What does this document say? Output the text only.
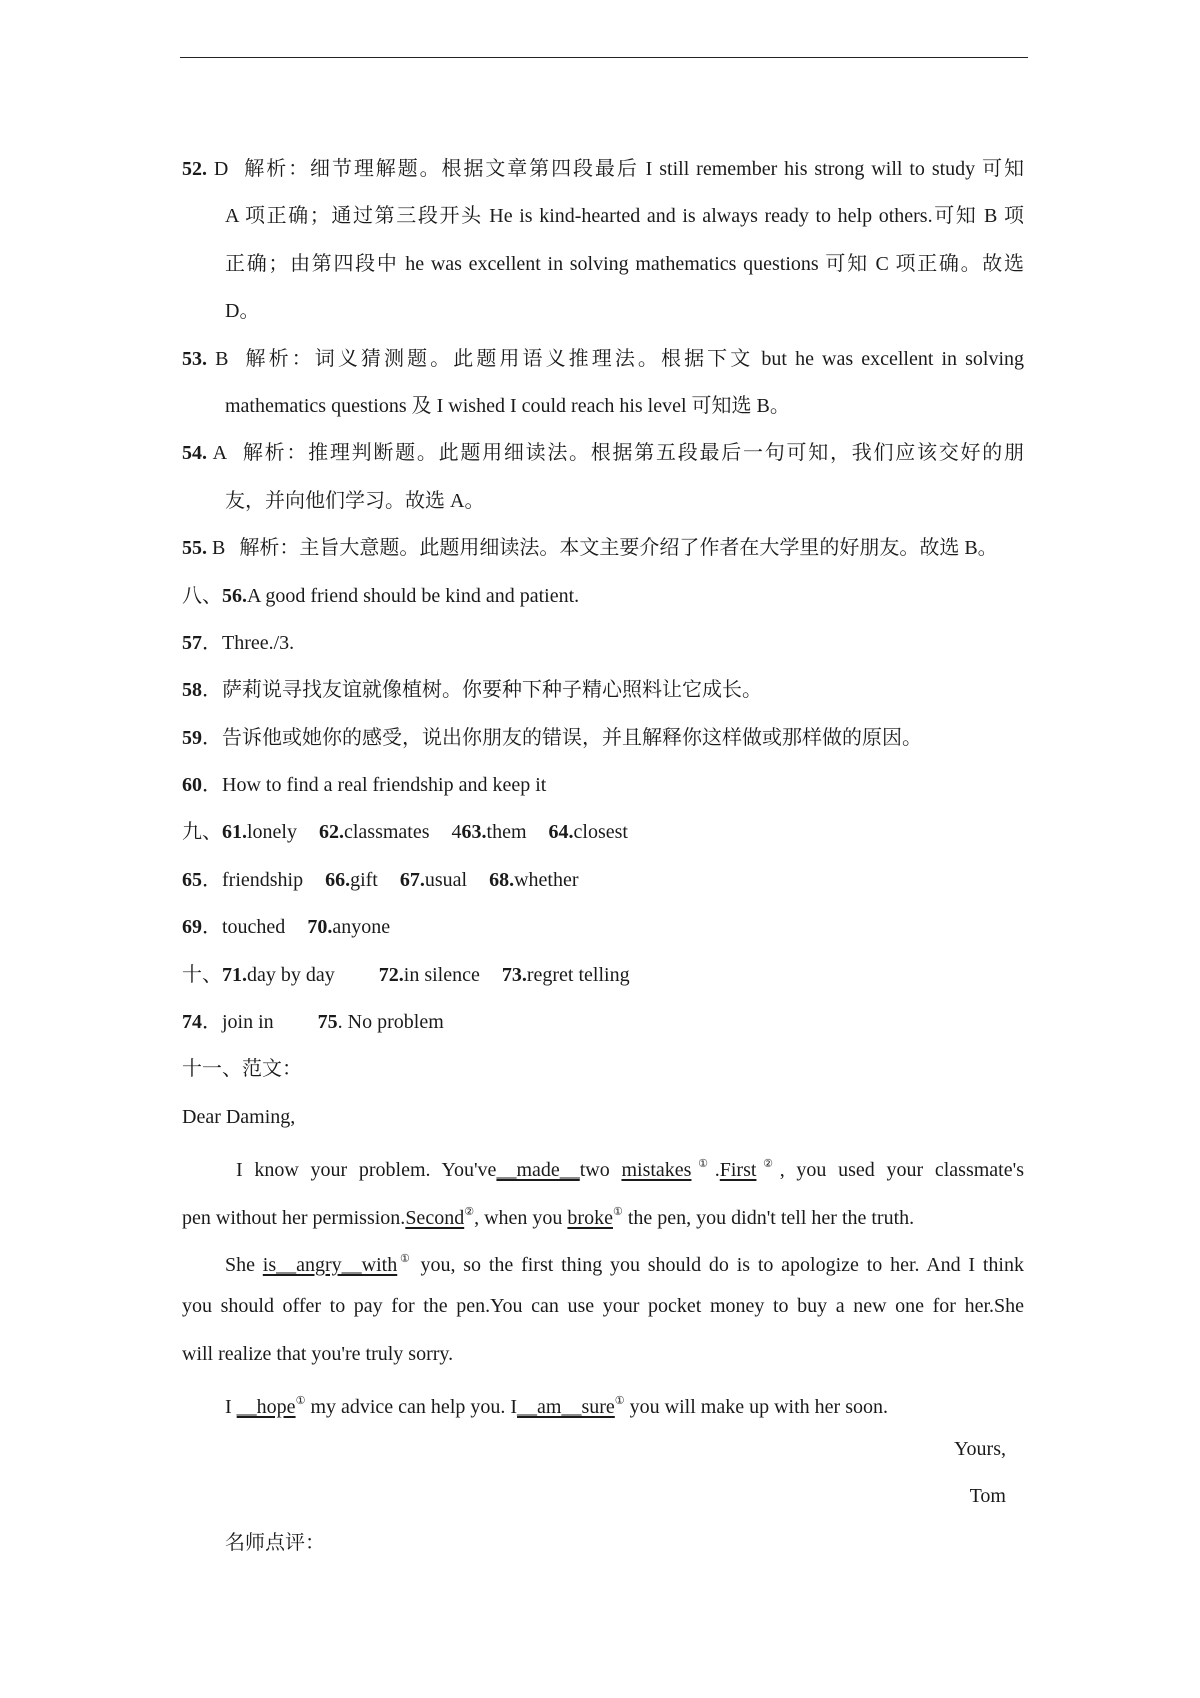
52. D 解析：细节理解题。根据文章第四段最后 I still remember his strong will to study 可知
A 项正确；通过第三段开头 He is kind-hearted and is always ready to help others.可知 B 项
正确；由第四段中 he was excellent in solving mathematics questions 可知 C 项正确。故选
D。
53. B 解析：词义猜测题。此题用语义推理法。根据下文 but he was excellent in solving
mathematics questions 及 I wished I could reach his level 可知选 B。
54. A 解析：推理判断题。此题用细读法。根据第五段最后一句可知，我们应该交好的朋
友，并向他们学习。故选 A。
55. B 解析：主旨大意题。此题用细读法。本文主要介绍了作者在大学里的好朋友。故选 B。
八、56.A good friend should be kind and patient.
57．Three./3.
58．萨莉说寻找友谊就像植树。你要种下种子精心照料让它成长。
59．告诉他或她你的感受，说出你朋友的错误，并且解释你这样做或那样做的原因。
60．How to find a real friendship and keep it
九、61.lonely 62.classmates 463.them 64.closest
65．friendship 66.gift 67.usual 68.whether
69．touched 70.anyone
十、71.day by day 72.in silence 73.regret telling
74．join in 75. No problem
十一、范文：
Dear Daming,
I know your problem. You've__made__two mistakes①.First②, you used your classmate's
pen without her permission.Second②, when you broke① the pen, you didn't tell her the truth.
She is__angry__with① you, so the first thing you should do is to apologize to her. And I think
you should offer to pay for the pen.You can use your pocket money to buy a new one for her.She
will realize that you're truly sorry.
I __hope① my advice can help you. I__am__sure① you will make up with her soon.
Yours,
Tom
名师点评：
